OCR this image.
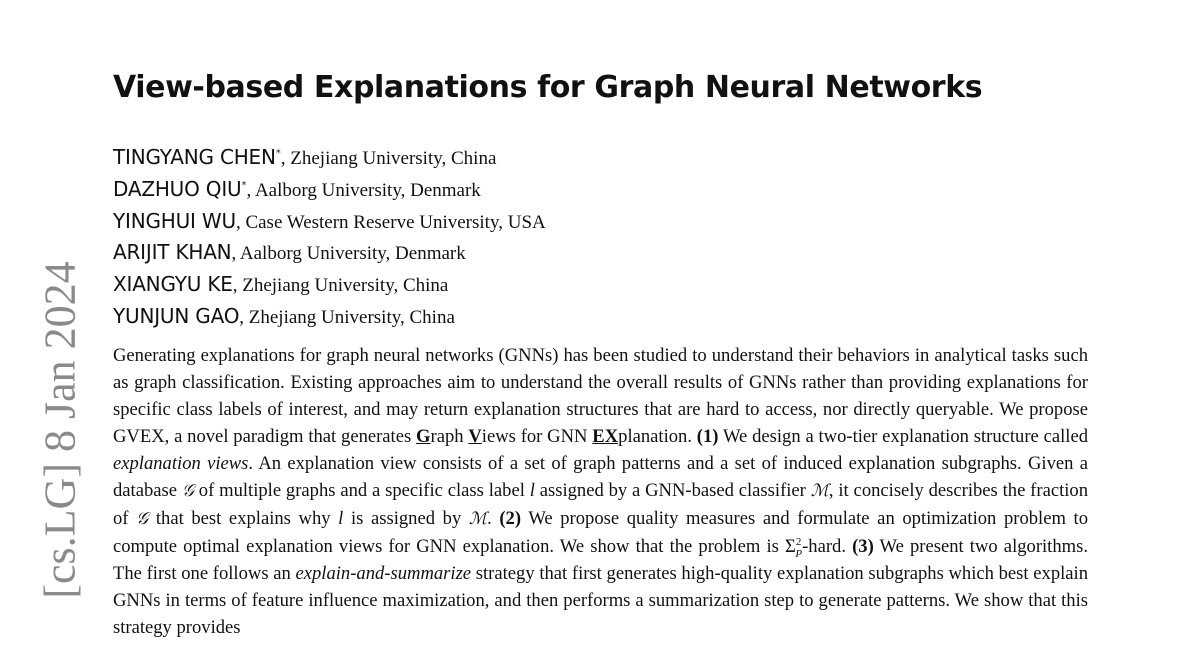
[cs.LG] 8 Jan 2024
View-based Explanations for Graph Neural Networks
TINGYANG CHEN*, Zhejiang University, China
DAZHUO QIU*, Aalborg University, Denmark
YINGHUI WU, Case Western Reserve University, USA
ARIJIT KHAN, Aalborg University, Denmark
XIANGYU KE, Zhejiang University, China
YUNJUN GAO, Zhejiang University, China

Generating explanations for graph neural networks (GNNs) has been studied to understand their behaviors in analytical tasks such as graph classification. Existing approaches aim to understand the overall results of GNNs rather than providing explanations for specific class labels of interest, and may return explanation structures that are hard to access, nor directly queryable. We propose GVEX, a novel paradigm that generates Graph Views for GNN EXplanation. (1) We design a two-tier explanation structure called explanation views. An explanation view consists of a set of graph patterns and a set of induced explanation subgraphs. Given a database 𝒢 of multiple graphs and a specific class label l assigned by a GNN-based classifier ℳ, it concisely describes the fraction of 𝒢 that best explains why l is assigned by ℳ. (2) We propose quality measures and formulate an optimization problem to compute optimal explanation views for GNN explanation. We show that the problem is $\Sigma^2_P$-hard. (3) We present two algorithms. The first one follows an explain-and-summarize strategy that first generates high-quality explanation subgraphs which best explain GNNs in terms of feature influence maximization, and then performs a summarization step to generate patterns. We show that this strategy provides
